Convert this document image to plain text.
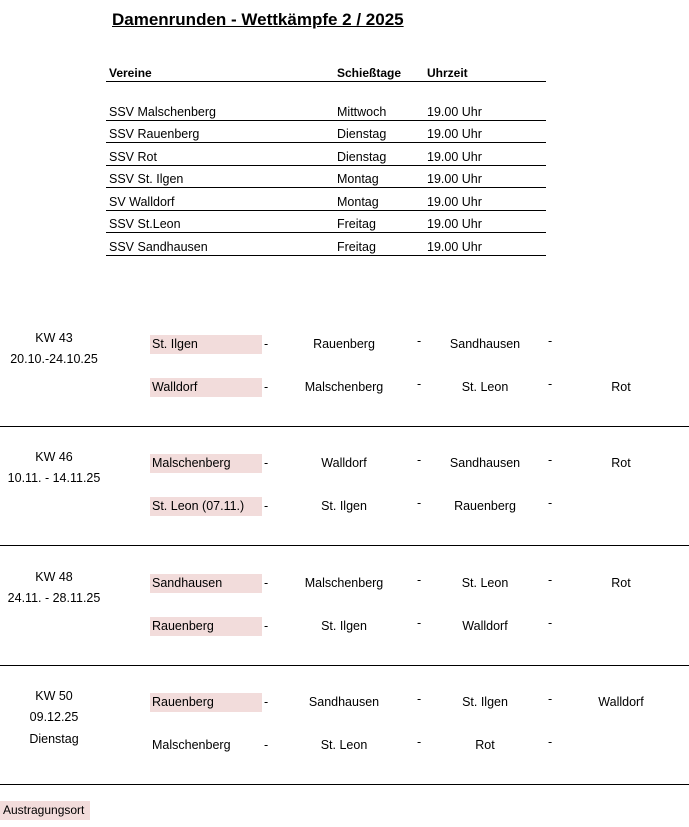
Damenrunden - Wettkämpfe 2 / 2025
Vereine	Schießtage Uhrzeit
SSV Malschenberg	Mittwoch	19.00 Uhr
SSV Rauenberg	Dienstag	19.00 Uhr
SSV Rot	Dienstag	19.00 Uhr
SSV St. Ilgen	Montag	19.00 Uhr
SV Walldorf	Montag	19.00 Uhr
SSV St.Leon	Freitag	19.00 Uhr
SSV Sandhausen	Freitag	19.00 Uhr
KW 43
20.10.-24.10.25
St. Ilgen	-	Rauenberg	- Sandhausen -
Walldorf	-	Malschenberg	-	St. Leon	-	Rot
KW 46
10.11. - 14.11.25
Malschenberg	-	Walldorf	- Sandhausen -	Rot
St. Leon (07.11.)	-	St. Ilgen	-	Rauenberg	-
KW 48
24.11. - 28.11.25
Sandhausen	-	Malschenberg	-	St. Leon	-	Rot
Rauenberg	-	St. Ilgen	-	Walldorf	-
KW 50
09.12.25
Dienstag
Rauenberg	-	Sandhausen	-	St. Ilgen	-	Walldorf
Malschenberg	-	St. Leon	-	Rot	-
Austragungsort
